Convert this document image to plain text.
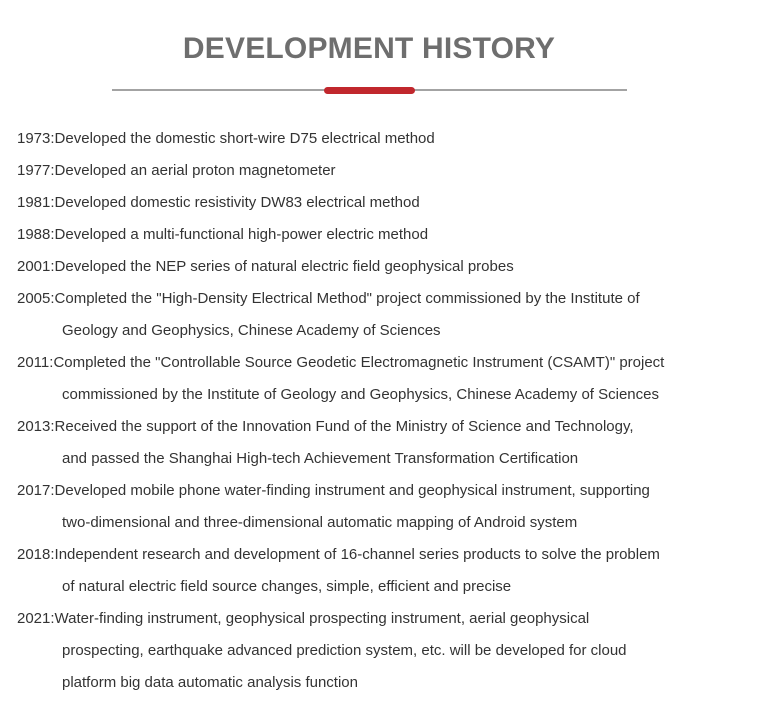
DEVELOPMENT HISTORY
1973 : Developed the domestic short-wire D75 electrical method
1977 : Developed an aerial proton magnetometer
1981 : Developed domestic resistivity DW83 electrical method
1988 : Developed a multi-functional high-power electric method
2001 : Developed the NEP series of natural electric field geophysical probes
2005 : Completed the "High-Density Electrical Method" project commissioned by the Institute of
Geology and Geophysics, Chinese Academy of Sciences
2011 : Completed the "Controllable Source Geodetic Electromagnetic Instrument (CSAMT)" project
commissioned by the Institute of Geology and Geophysics, Chinese Academy of Sciences
2013 : Received the support of the Innovation Fund of the Ministry of Science and Technology,
and passed the Shanghai High-tech Achievement Transformation Certification
2017 : Developed mobile phone water-finding instrument and geophysical instrument, supporting
two-dimensional and three-dimensional automatic mapping of Android system
2018 : Independent research and development of 16-channel series products to solve the problem
of natural electric field source changes, simple, efficient and precise
2021 : Water-finding instrument, geophysical prospecting instrument, aerial geophysical
prospecting, earthquake advanced prediction system, etc. will be developed for cloud
platform big data automatic analysis function
